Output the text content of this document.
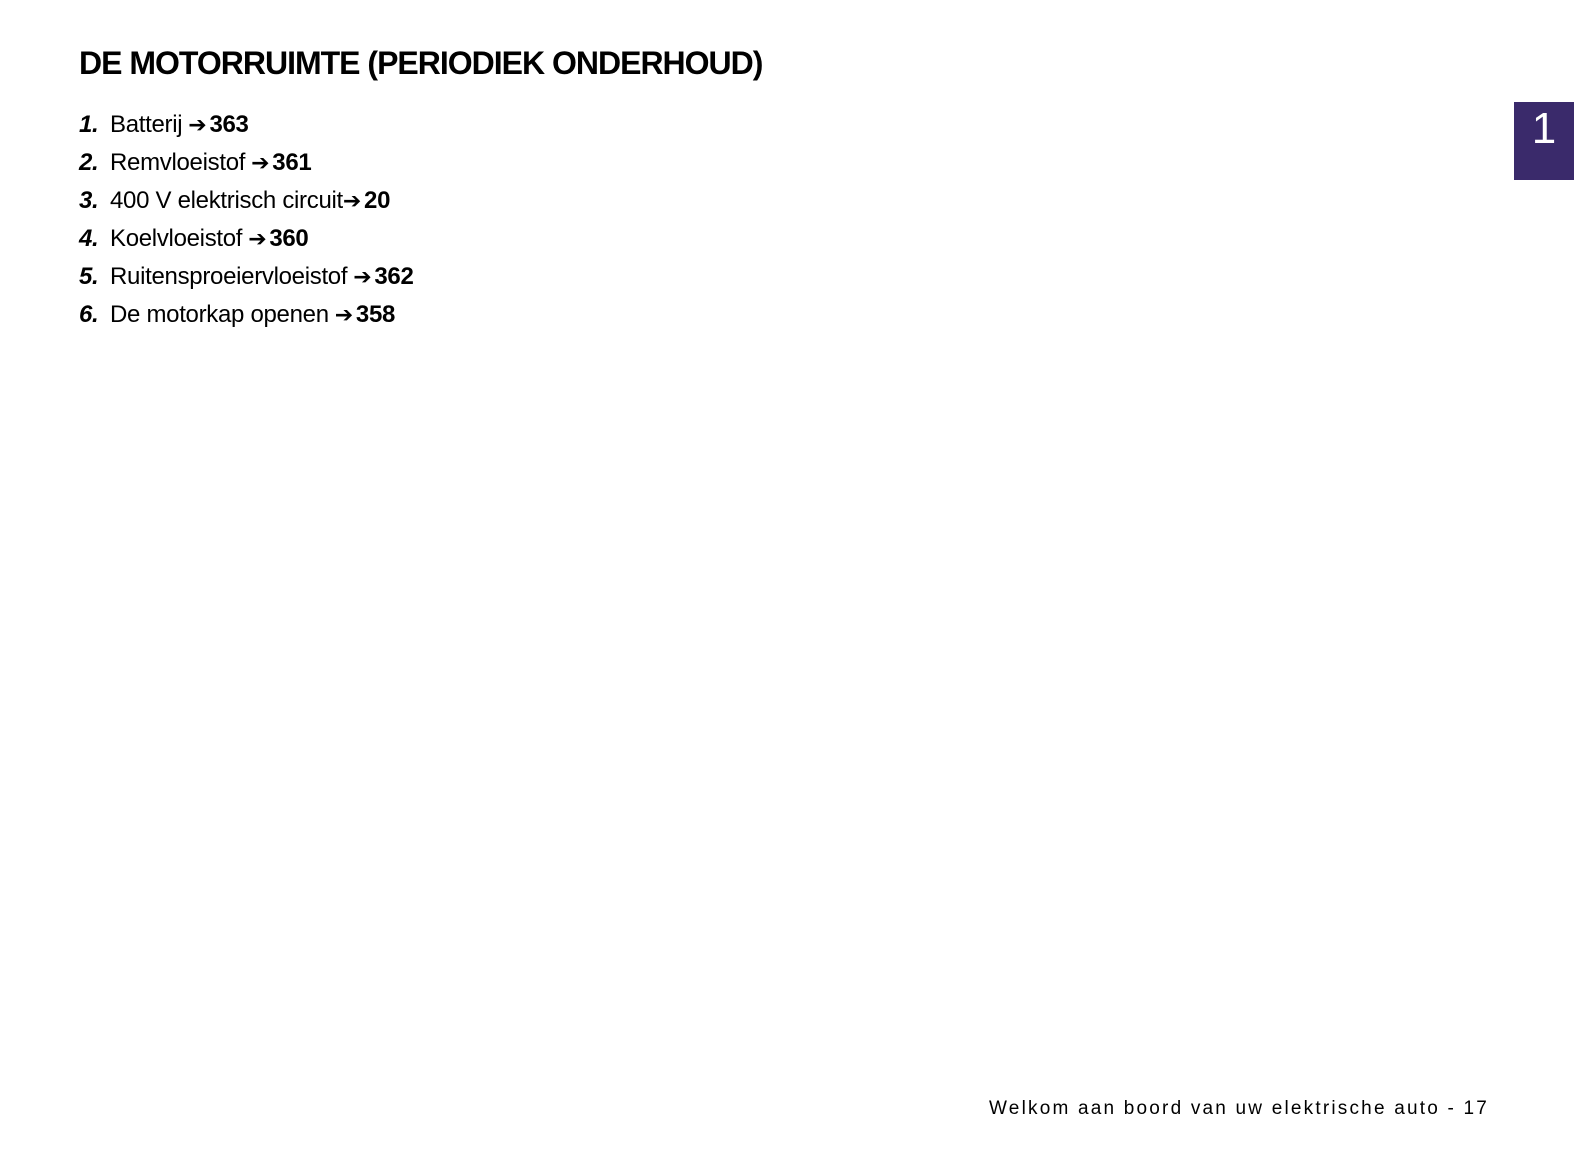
DE MOTORRUIMTE (PERIODIEK ONDERHOUD)
1
1. Batterij ➔ 363
2. Remvloeistof ➔ 361
3. 400 V elektrisch circuit➔ 20
4. Koelvloeistof ➔ 360
5. Ruitensproeiervloeistof ➔ 362
6. De motorkap openen ➔ 358
Welkom aan boord van uw elektrische auto - 17
